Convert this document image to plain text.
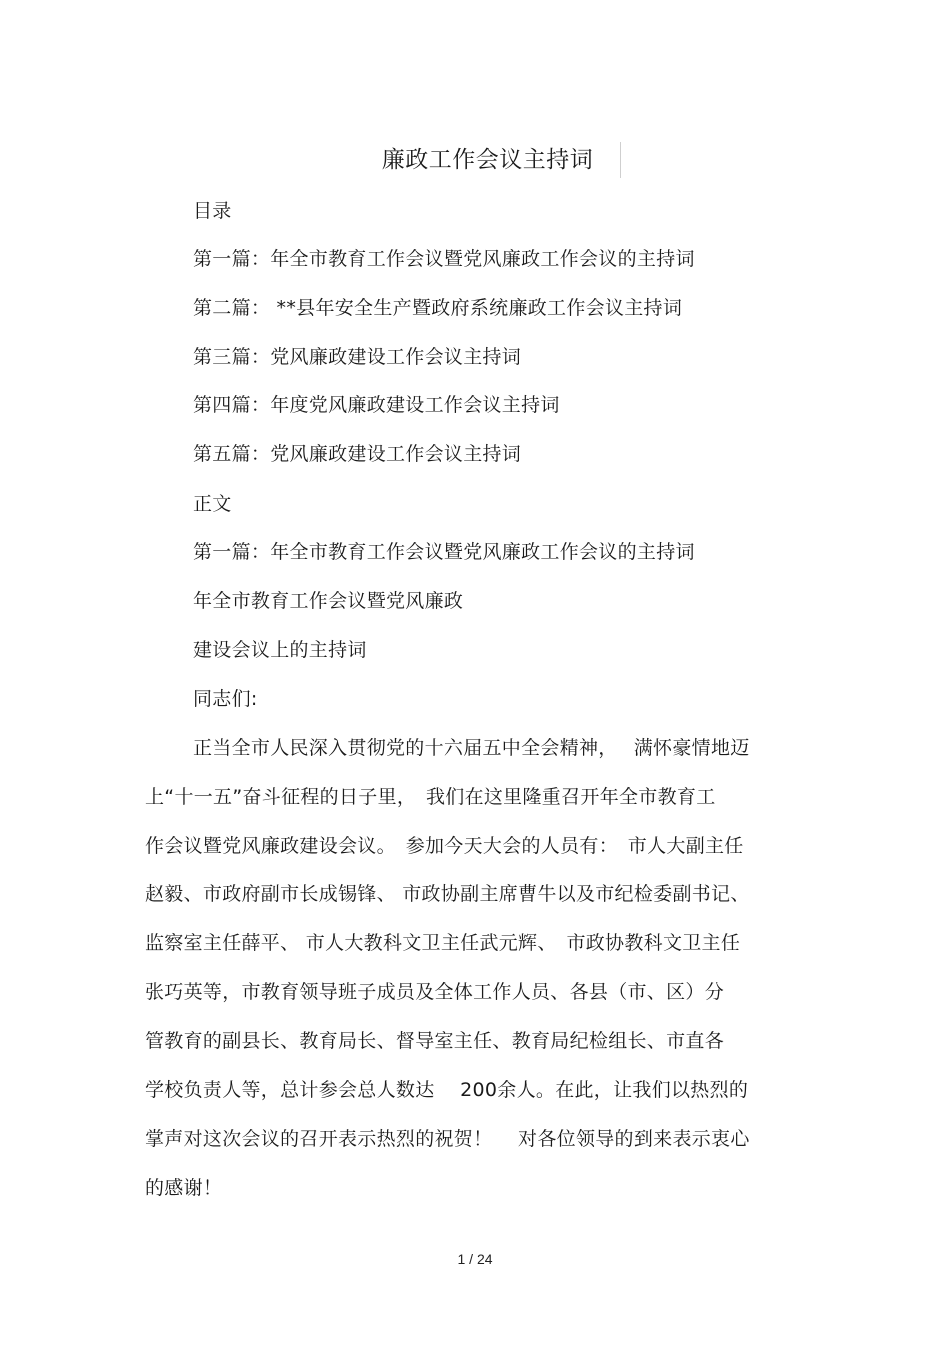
廉政工作会议主持词
目录
第一篇：年全市教育工作会议暨党风廉政工作会议的主持词
第二篇： **县年安全生产暨政府系统廉政工作会议主持词
第三篇：党风廉政建设工作会议主持词
第四篇：年度党风廉政建设工作会议主持词
第五篇：党风廉政建设工作会议主持词
正文
第一篇：年全市教育工作会议暨党风廉政工作会议的主持词
年全市教育工作会议暨党风廉政
建设会议上的主持词
同志们:
正当全市人民深入贯彻党的十六届五中全会精神，　 满怀豪情地迈
上“十一五”奋斗征程的日子里，　我们在这里隆重召开年全市教育工
作会议暨党风廉政建设会议。　参加今天大会的人员有：　市人大副主任
赵毅、市政府副市长成锡锋、 市政协副主席曹牛以及市纪检委副书记、
监察室主任薛平、 市人大教科文卫主任武元辉、　市政协教科文卫主任
张巧英等，市教育领导班子成员及全体工作人员、各县（市、区）分
管教育的副县长、教育局长、督导室主任、教育局纪检组长、市直各
学校负责人等，总计参会总人数达　 200余人。在此，让我们以热烈的
掌声对这次会议的召开表示热烈的祝贺！　 对各位领导的到来表示衷心
的感谢！
1 / 24
